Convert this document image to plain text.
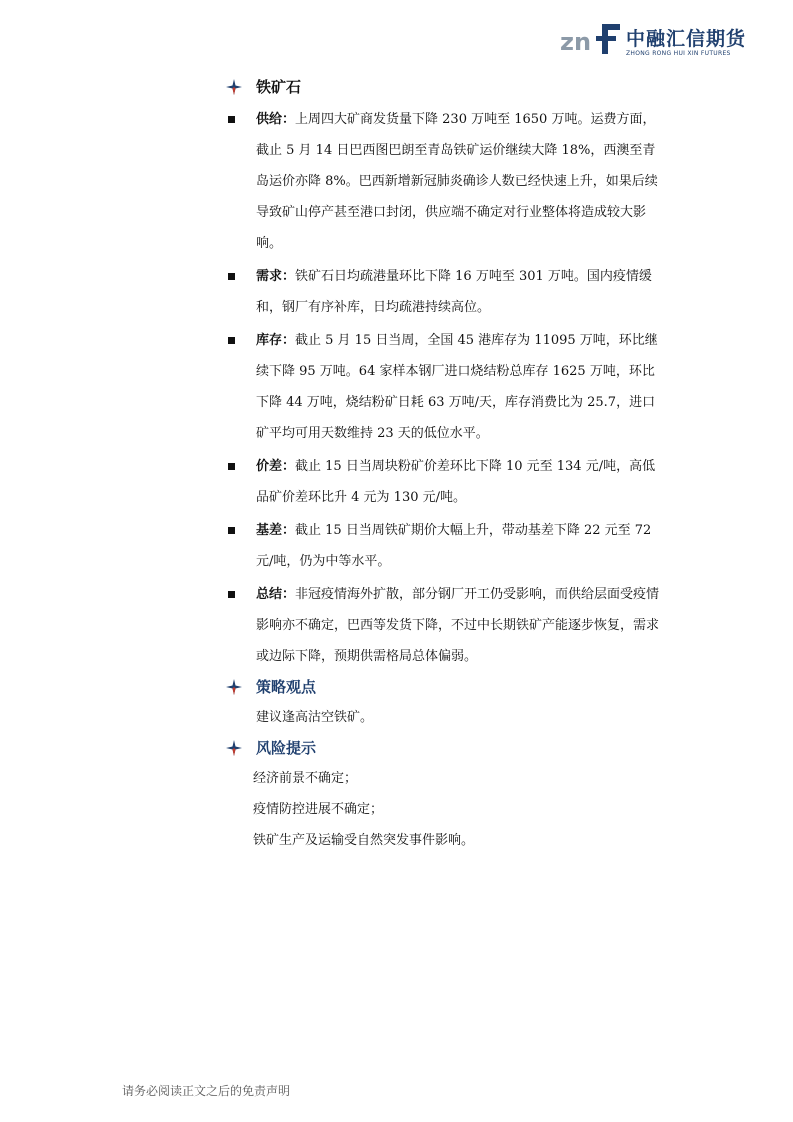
zn 中融汇信期货
ZHONG RONG HUI XIN FUTURES
铁矿石
供给：上周四大矿商发货量下降 230 万吨至 1650 万吨。运费方面，截止 5 月 14 日巴西图巴朗至青岛铁矿运价继续大降 18%，西澳至青岛运价亦降 8%。巴西新增新冠肺炎确诊人数已经快速上升，如果后续导致矿山停产甚至港口封闭，供应端不确定对行业整体将造成较大影响。
需求：铁矿石日均疏港量环比下降 16 万吨至 301 万吨。国内疫情缓和，钢厂有序补库，日均疏港持续高位。
库存：截止 5 月 15 日当周，全国 45 港库存为 11095 万吨，环比继续下降 95 万吨。64 家样本钢厂进口烧结粉总库存 1625 万吨，环比下降 44 万吨，烧结粉矿日耗 63 万吨/天，库存消费比为 25.7，进口矿平均可用天数维持 23 天的低位水平。
价差：截止 15 日当周块粉矿价差环比下降 10 元至 134 元/吨，高低品矿价差环比升 4 元为 130 元/吨。
基差：截止 15 日当周铁矿期价大幅上升，带动基差下降 22 元至 72 元/吨，仍为中等水平。
总结：非冠疫情海外扩散，部分钢厂开工仍受影响，而供给层面受疫情影响亦不确定，巴西等发货下降，不过中长期铁矿产能逐步恢复，需求或边际下降，预期供需格局总体偏弱。
策略观点
建议逢高沽空铁矿。
风险提示
经济前景不确定；
疫情防控进展不确定；
铁矿生产及运输受自然突发事件影响。
请务必阅读正文之后的免责声明
